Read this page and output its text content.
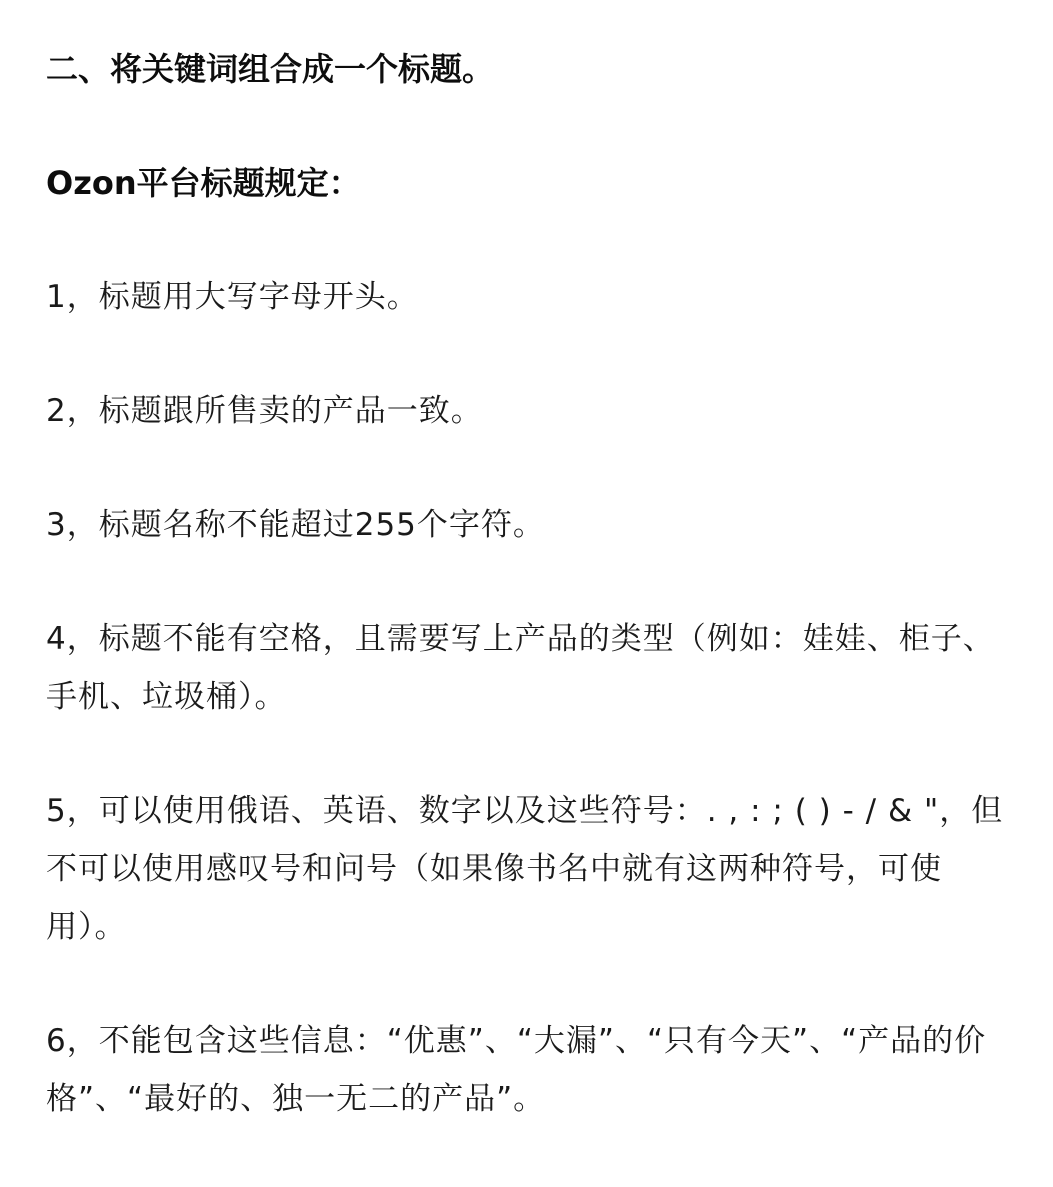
二、将关键词组合成一个标题。
Ozon平台标题规定：
1，标题用大写字母开头。
2，标题跟所售卖的产品一致。
3，标题名称不能超过255个字符。
4，标题不能有空格，且需要写上产品的类型（例如：娃娃、柜子、手机、垃圾桶）。
5，可以使用俄语、英语、数字以及这些符号：. , : ; ( ) - / & "，但不可以使用感叹号和问号（如果像书名中就有这两种符号，可使用）。
6，不能包含这些信息：“优惠”、“大漏”、“只有今天”、“产品的价格”、“最好的、独一无二的产品”。
